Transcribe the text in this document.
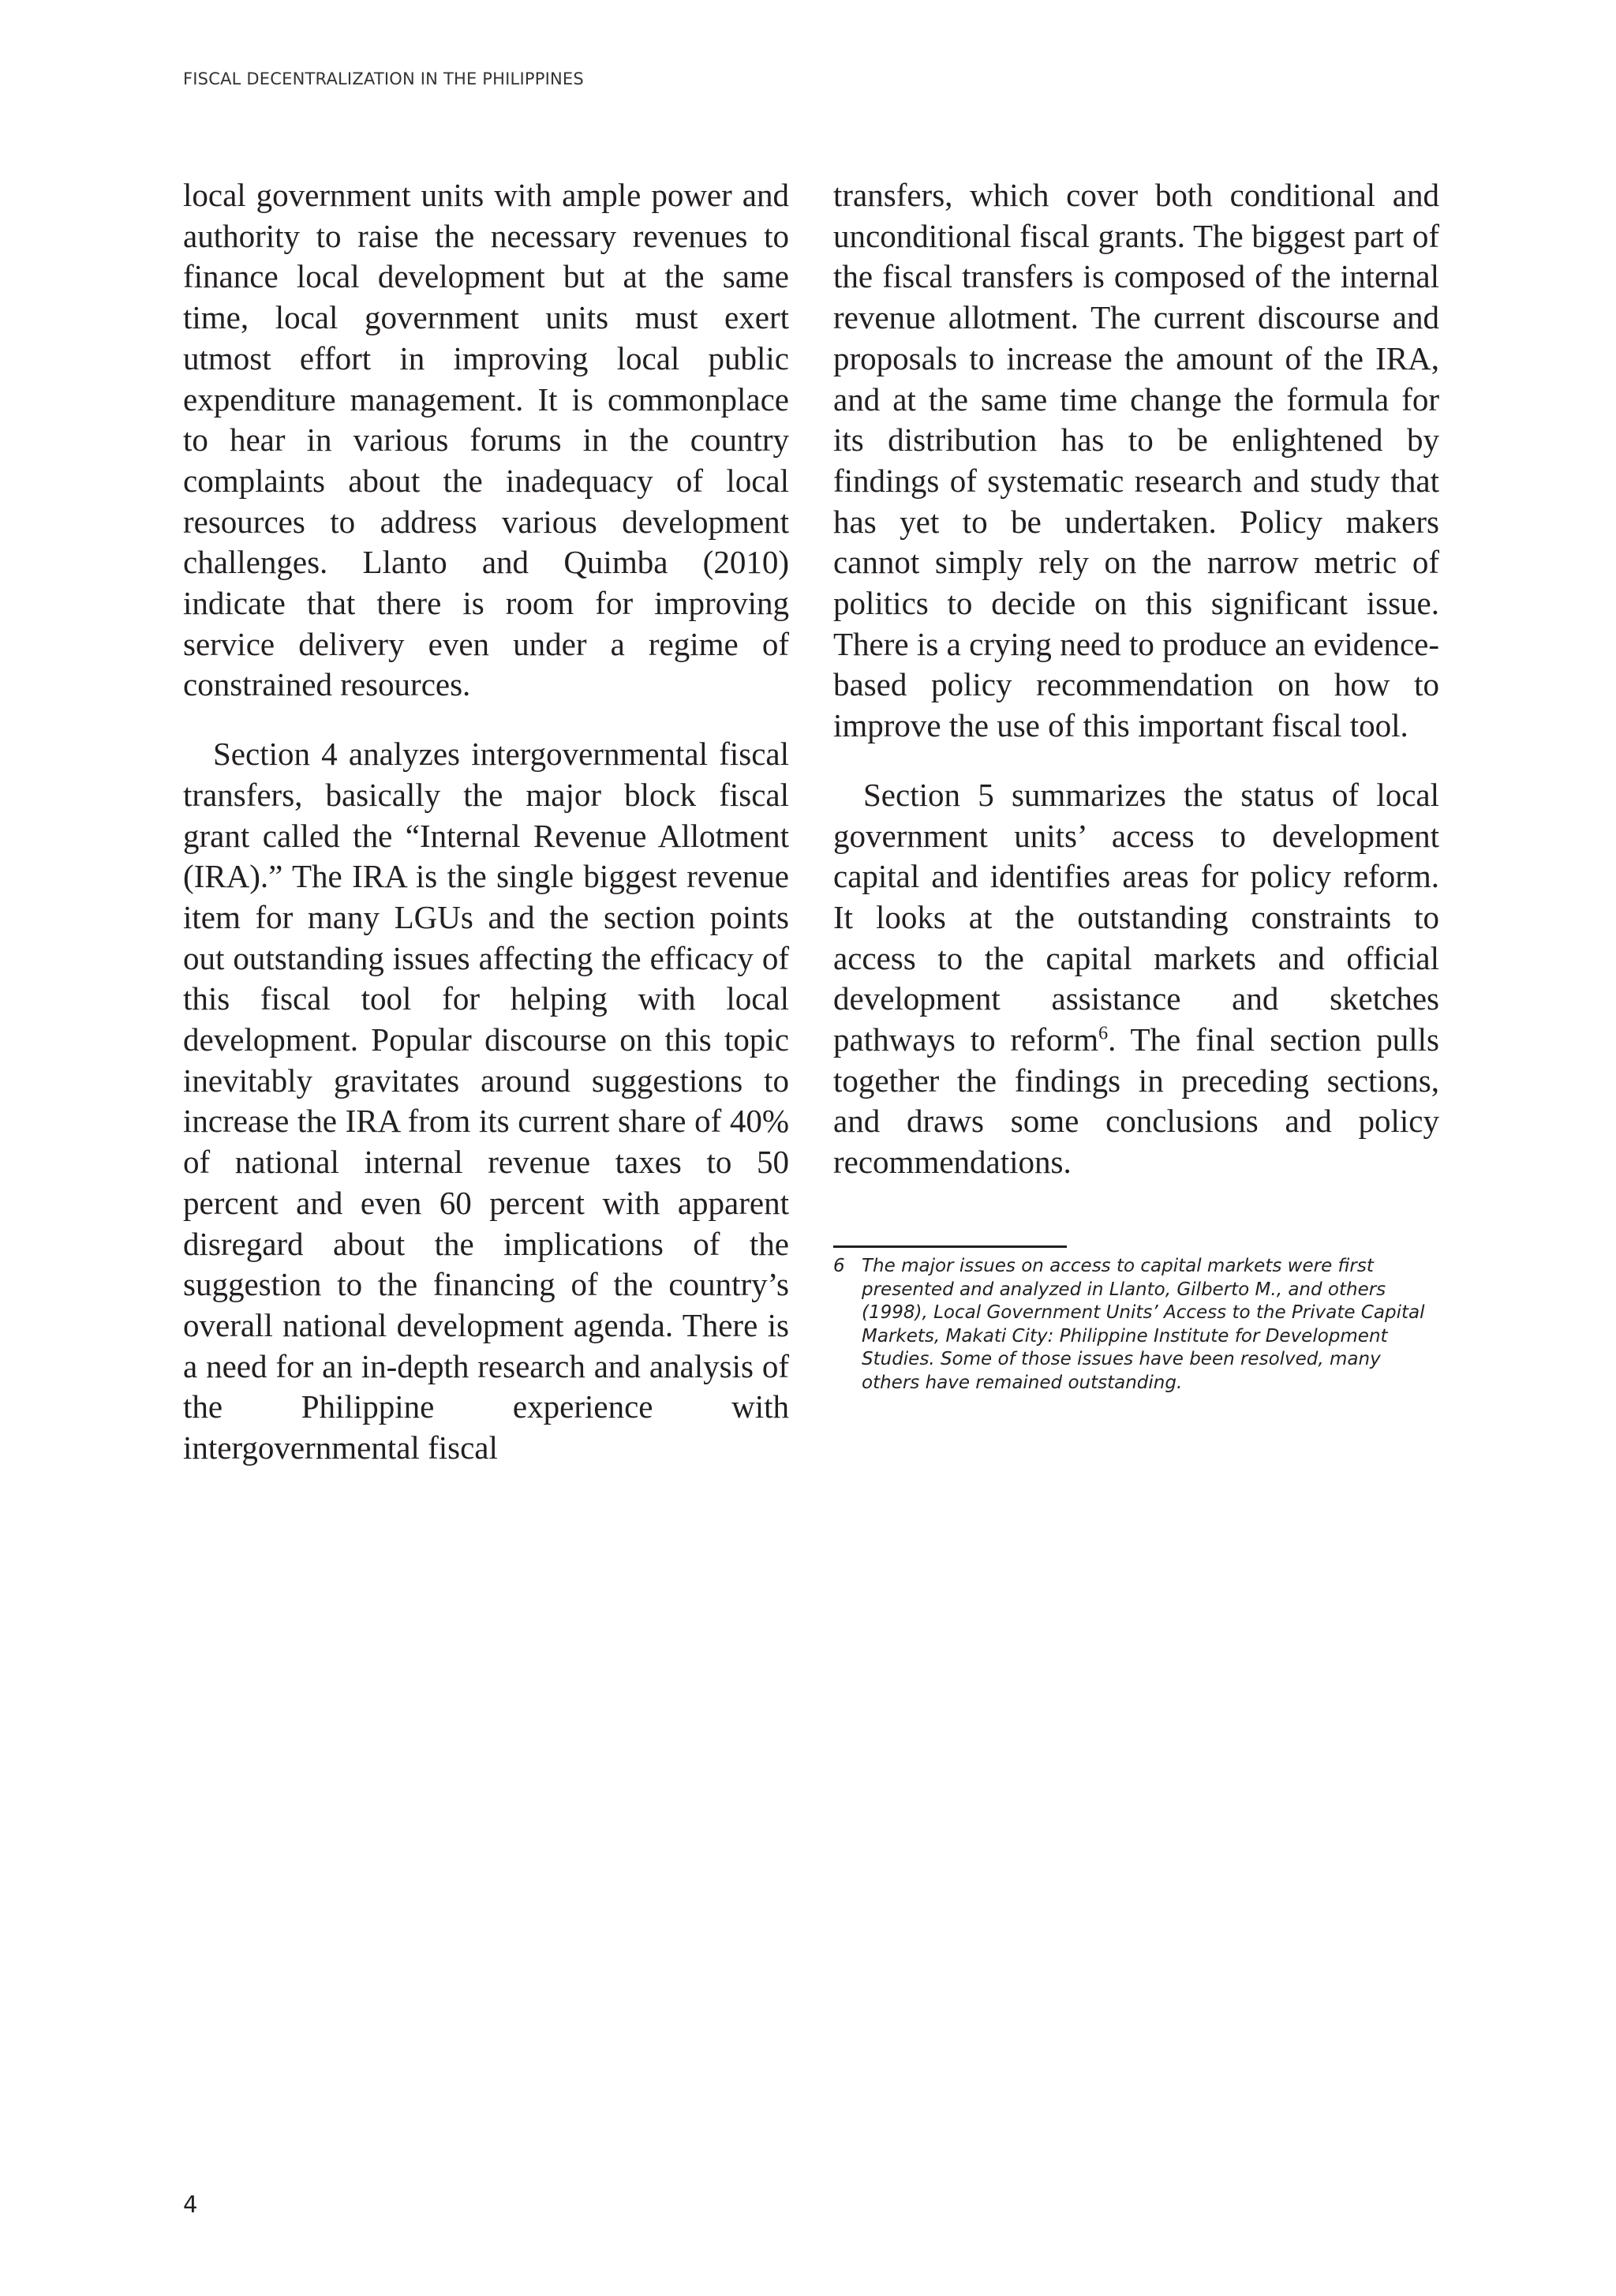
FISCAL DECENTRALIZATION IN THE PHILIPPINES

local government units with ample power and authority to raise the necessary revenues to finance local development but at the same time, local government units must exert utmost effort in improving local public expenditure management. It is commonplace to hear in various forums in the country complaints about the inadequacy of local resources to address various development challenges. Llanto and Quimba (2010) indicate that there is room for improving service delivery even under a regime of constrained resources.

Section 4 analyzes intergovernmental fiscal transfers, basically the major block fiscal grant called the “Internal Revenue Allotment (IRA).” The IRA is the single biggest revenue item for many LGUs and the section points out outstanding issues affecting the efficacy of this fiscal tool for helping with local development. Popular discourse on this topic inevitably gravitates around suggestions to increase the IRA from its current share of 40% of national internal revenue taxes to 50 percent and even 60 percent with apparent disregard about the implications of the suggestion to the financing of the country’s overall national development agenda. There is a need for an in-depth research and analysis of the Philippine experience with intergovernmental fiscal

transfers, which cover both conditional and unconditional fiscal grants. The biggest part of the fiscal transfers is composed of the internal revenue allotment. The current discourse and proposals to increase the amount of the IRA, and at the same time change the formula for its distribution has to be enlightened by findings of systematic research and study that has yet to be undertaken. Policy makers cannot simply rely on the narrow metric of politics to decide on this significant issue. There is a crying need to produce an evidence-based policy recommendation on how to improve the use of this important fiscal tool.

Section 5 summarizes the status of local government units’ access to development capital and identifies areas for policy reform. It looks at the outstanding constraints to access to the capital markets and official development assistance and sketches pathways to reform$^6$. The final section pulls together the findings in preceding sections, and draws some conclusions and policy recommendations.

6 The major issues on access to capital markets were first presented and analyzed in Llanto, Gilberto M., and others (1998), Local Government Units’ Access to the Private Capital Markets, Makati City: Philippine Institute for Development Studies. Some of those issues have been resolved, many others have remained outstanding.
4
